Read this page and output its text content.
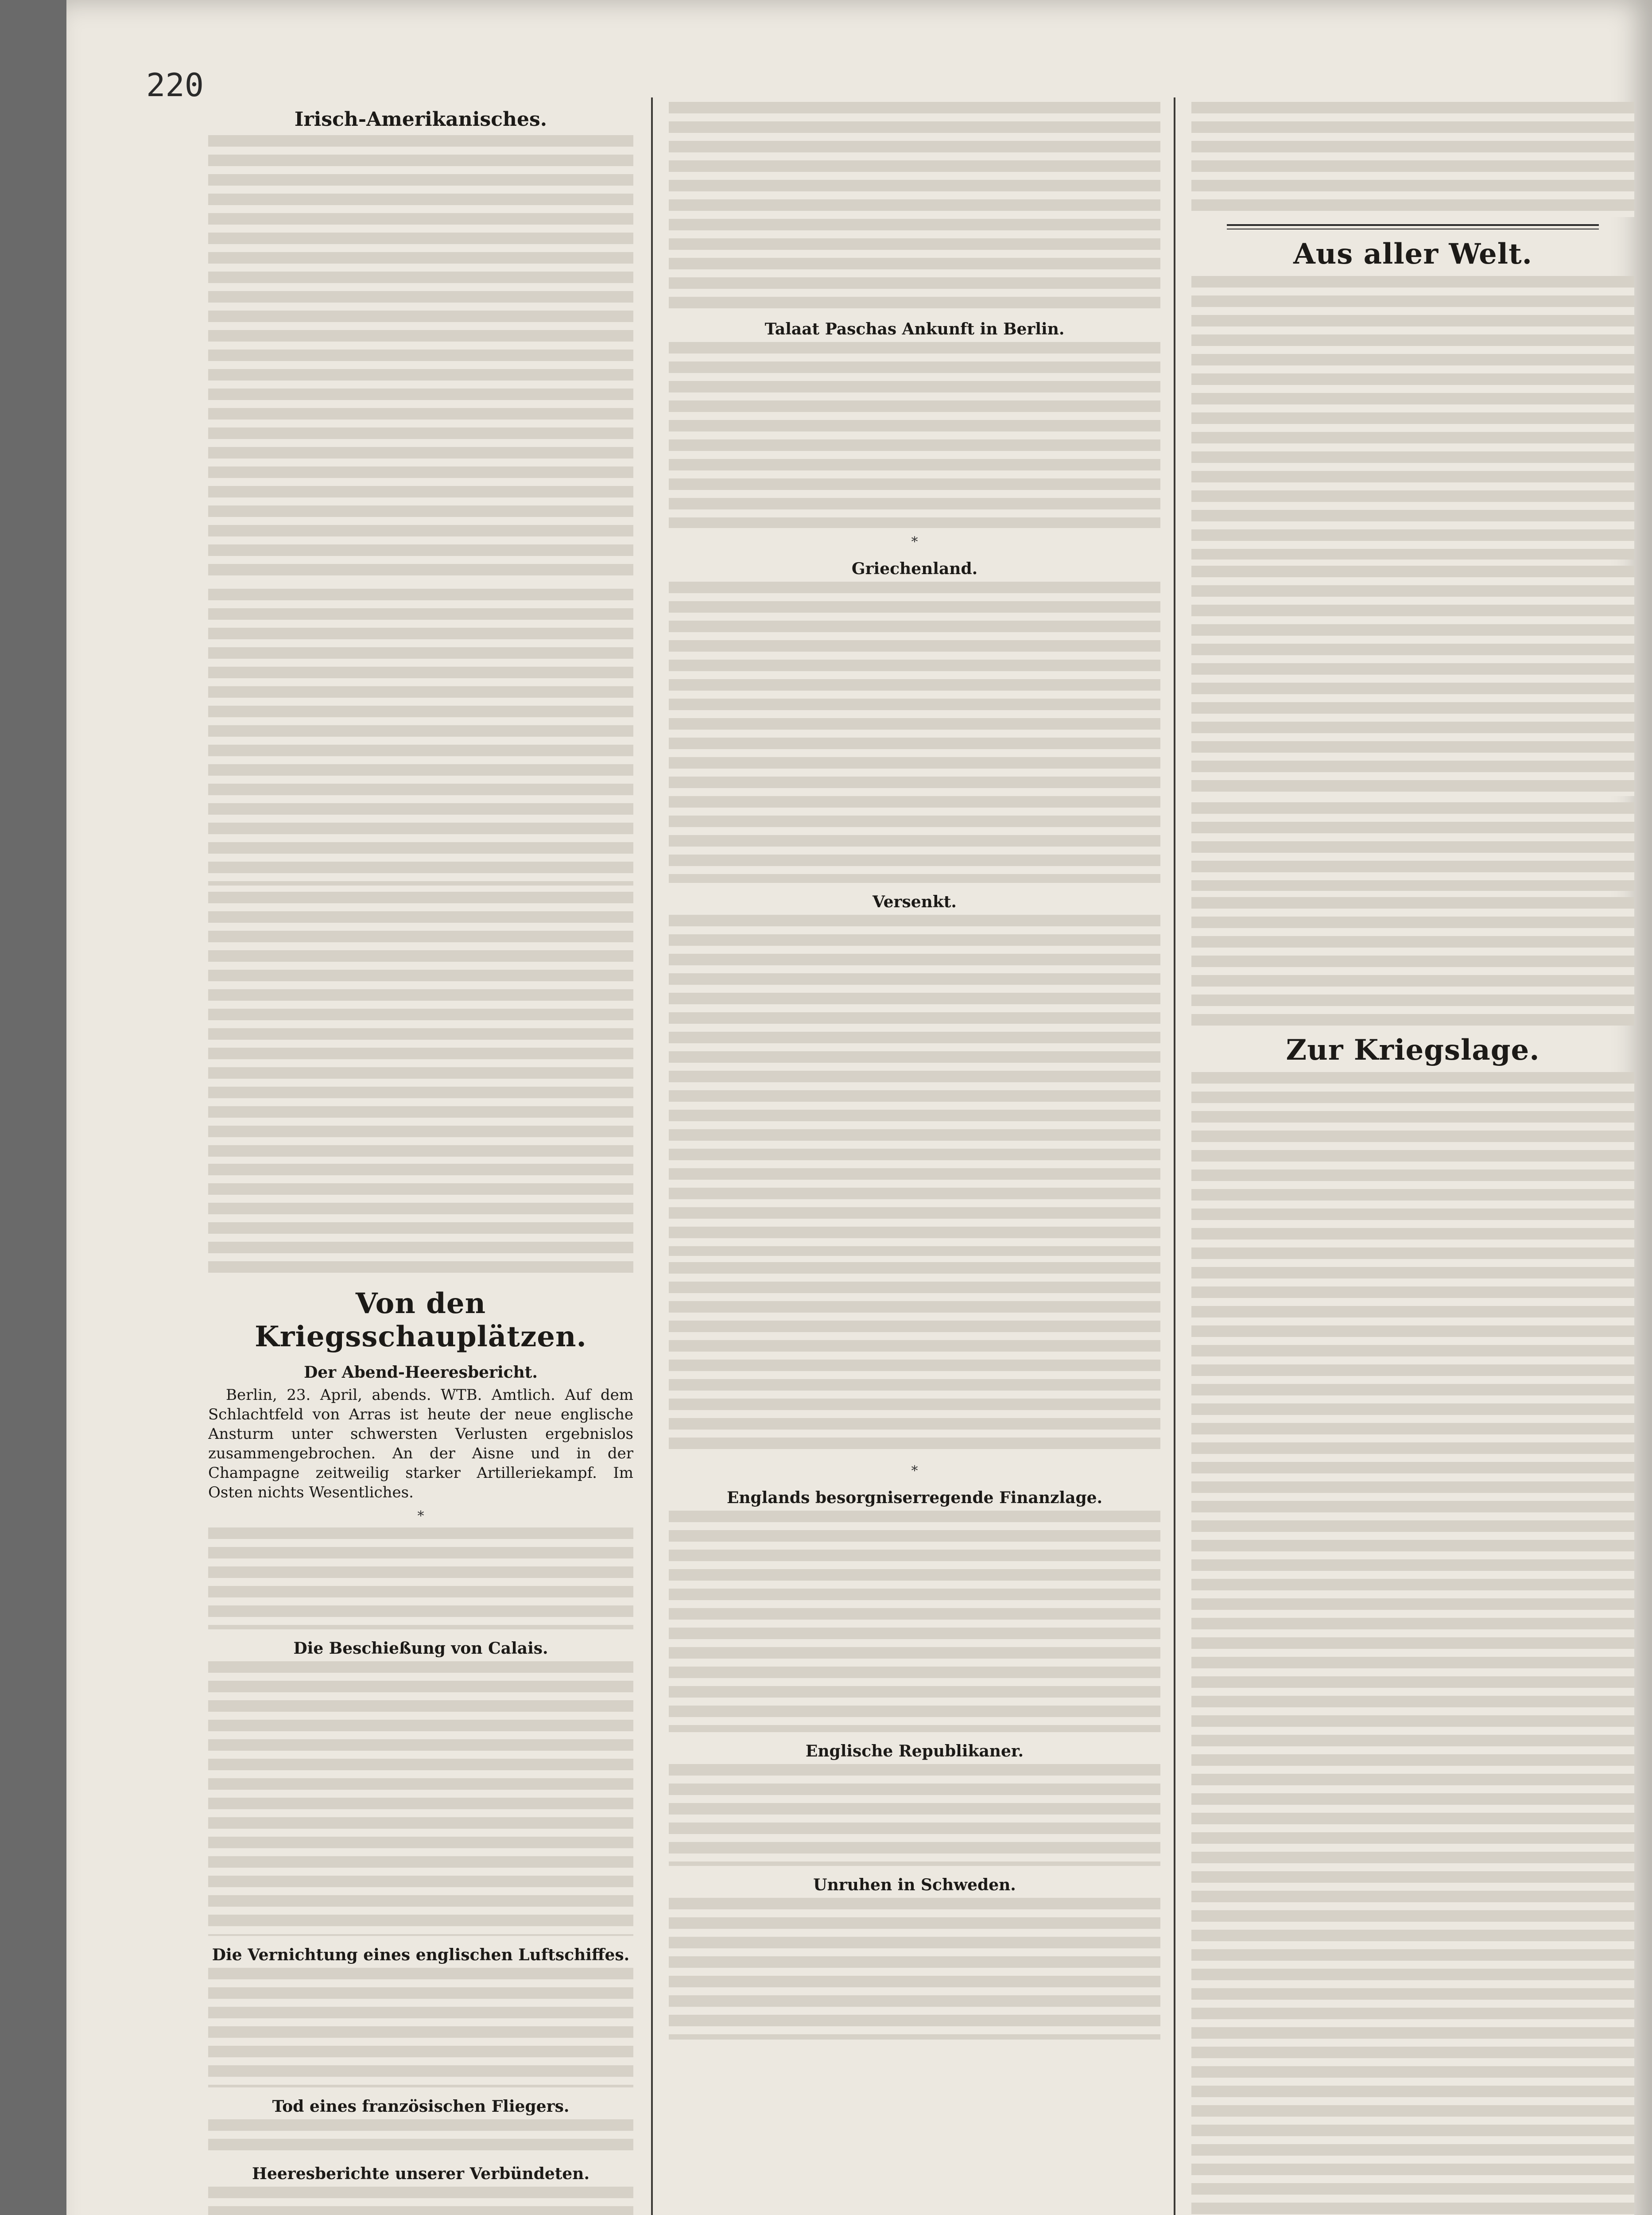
220
Irisch-Amerikanisches.
Von den Kriegsschauplätzen.
Der Abend-Heeresbericht.
Berlin, 23. April, abends. WTB. Amtlich. Auf dem Schlachtfeld von Arras ist heute der neue englische Ansturm unter schwersten Verlusten ergebnislos zusammengebrochen. An der Aisne und in der Champagne zeitweilig starker Artilleriekampf. Im Osten nichts Wesentliches.
*
Die Beschießung von Calais.
Die Vernichtung eines englischen Luftschiffes.
Tod eines französischen Fliegers.
Heeresberichte unserer Verbündeten.
Talaat Paschas Ankunft in Berlin.
*
Griechenland.
Versenkt.
*
Englands besorgniserregende Finanzlage.
Englische Republikaner.
Unruhen in Schweden.
Aus aller Welt.
Zur Kriegslage.
